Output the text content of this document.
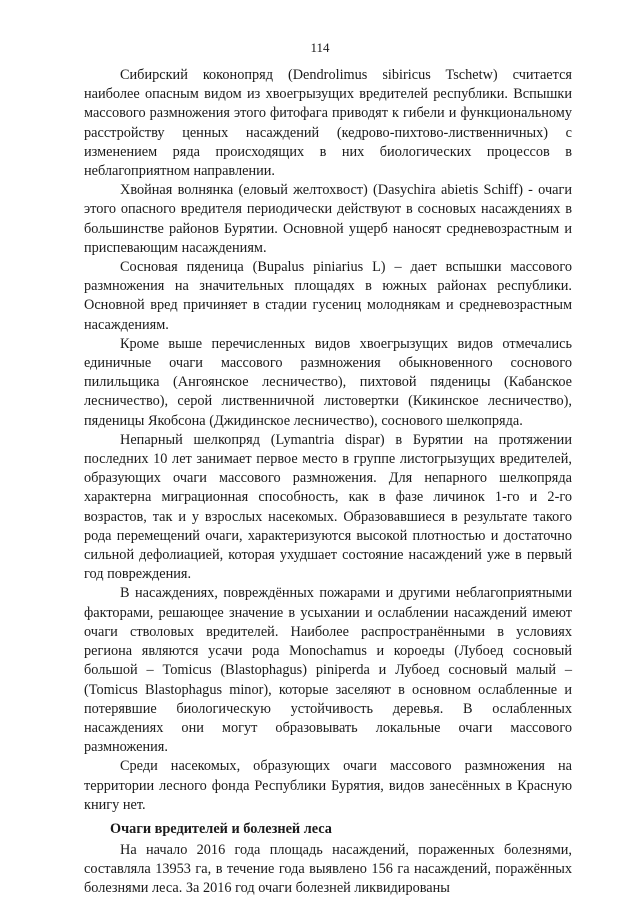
114

Сибирский коконопряд (Dendrolimus sibiricus Tschetw) считается наиболее опасным видом из хвоегрызущих вредителей республики. Вспышки массового размножения этого фитофага приводят к гибели и функциональному расстройству ценных насаждений (кедрово-пихтово-лиственничных) с изменением ряда происходящих в них биологических процессов в неблагоприятном направлении.

Хвойная волнянка (еловый желтохвост) (Dasychira abietis Schiff) - очаги этого опасного вредителя периодически действуют в сосновых насаждениях в большинстве районов Бурятии. Основной ущерб наносят средневозрастным и приспевающим насаждениям.

Сосновая пяденица (Bupalus piniarius L) – дает вспышки массового размножения на значительных площадях в южных районах республики. Основной вред причиняет в стадии гусениц молоднякам и средневозрастным насаждениям.

Кроме выше перечисленных видов хвоегрызущих видов отмечались единичные очаги массового размножения обыкновенного соснового пилильщика (Ангоянское лесничество), пихтовой пяденицы (Кабанское лесничество), серой лиственничной листовертки (Кикинское лесничество), пяденицы Якобсона (Джидинское лесничество), соснового шелкопряда.

Непарный шелкопряд (Lymantria dispar) в Бурятии на протяжении последних 10 лет занимает первое место в группе листогрызущих вредителей, образующих очаги массового размножения. Для непарного шелкопряда характерна миграционная способность, как в фазе личинок 1-го и 2-го возрастов, так и у взрослых насекомых. Образовавшиеся в результате такого рода перемещений очаги, характеризуются высокой плотностью и достаточно сильной дефолиацией, которая ухудшает состояние насаждений уже в первый год повреждения.

В насаждениях, повреждённых пожарами и другими неблагоприятными факторами, решающее значение в усыхании и ослаблении насаждений имеют очаги стволовых вредителей. Наиболее распространёнными в условиях региона являются усачи рода Monochamus и короеды (Лубоед сосновый большой – Tomicus (Blastophagus) piniperda и Лубоед сосновый малый – (Tomicus Blastophagus minor), которые заселяют в основном ослабленные и потерявшие биологическую устойчивость деревья. В ослабленных насаждениях они могут образовывать локальные очаги массового размножения.

Среди насекомых, образующих очаги массового размножения на территории лесного фонда Республики Бурятия, видов занесённых в Красную книгу нет.

Очаги вредителей и болезней леса

На начало 2016 года площадь насаждений, пораженных болезнями, составляла 13953 га, в течение года выявлено 156 га насаждений, поражённых болезнями леса. За 2016 год очаги болезней ликвидированы
